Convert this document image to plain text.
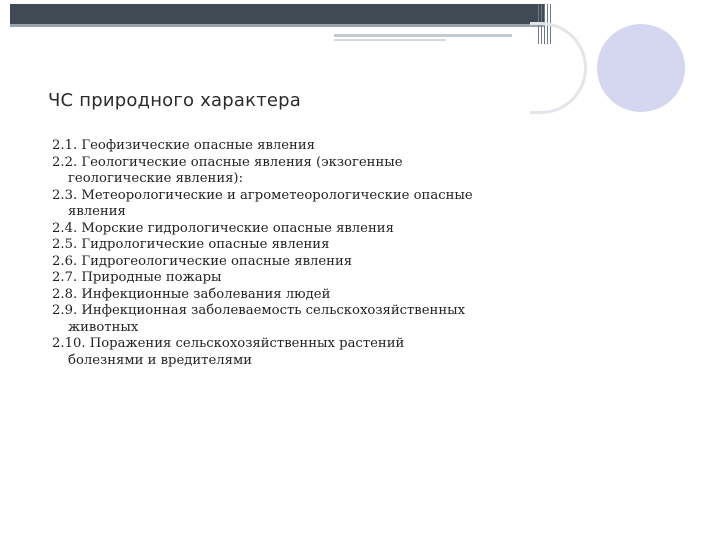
ЧС природного характера
2.1. Геофизические опасные явления
2.2. Геологические опасные явления (экзогенные
геологические явления):
2.3. Метеорологические и агрометеорологические опасные
явления
2.4. Морские гидрологические опасные явления
2.5. Гидрологические опасные явления
2.6. Гидрогеологические опасные явления
2.7. Природные пожары
2.8. Инфекционные заболевания людей
2.9. Инфекционная заболеваемость сельскохозяйственных
животных
2.10. Поражения сельскохозяйственных растений
болезнями и вредителями
